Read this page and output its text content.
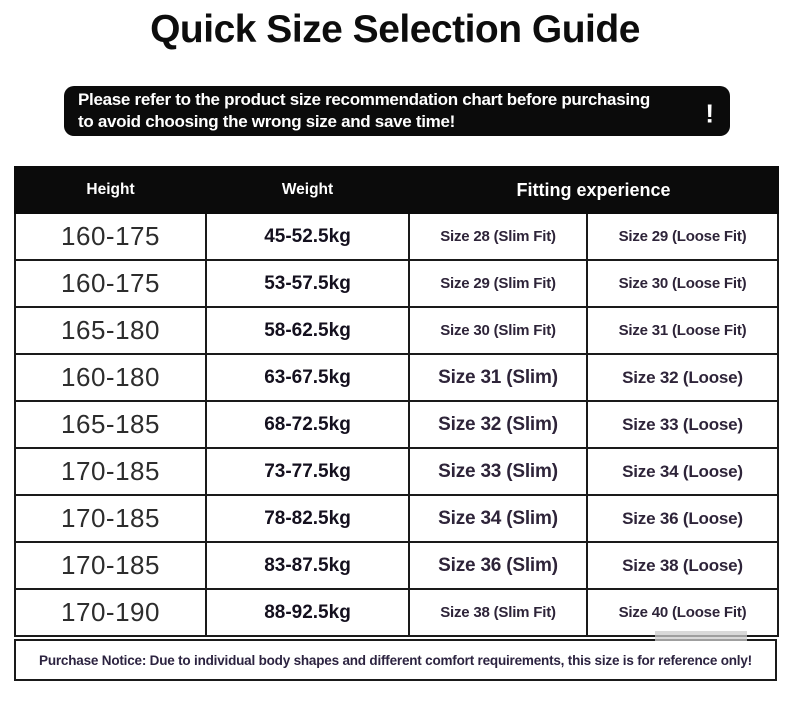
Quick Size Selection Guide
Please refer to the product size recommendation chart before purchasing
to avoid choosing the wrong size and save time!	!
Height	Weight	Fitting experience	
160-175	45-52.5kg	Size 28 (Slim Fit)	Size 29 (Loose Fit)
160-175	53-57.5kg	Size 29 (Slim Fit)	Size 30 (Loose Fit)
165-180	58-62.5kg	Size 30 (Slim Fit)	Size 31 (Loose Fit)
160-180	63-67.5kg	Size 31 (Slim)	Size 32 (Loose)
165-185	68-72.5kg	Size 32 (Slim)	Size 33 (Loose)
170-185	73-77.5kg	Size 33 (Slim)	Size 34 (Loose)
170-185	78-82.5kg	Size 34 (Slim)	Size 36 (Loose)
170-185	83-87.5kg	Size 36 (Slim)	Size 38 (Loose)
170-190	88-92.5kg	Size 38 (Slim Fit)	Size 40 (Loose Fit)
Purchase Notice: Due to individual body shapes and different comfort requirements, this size is for reference only!
